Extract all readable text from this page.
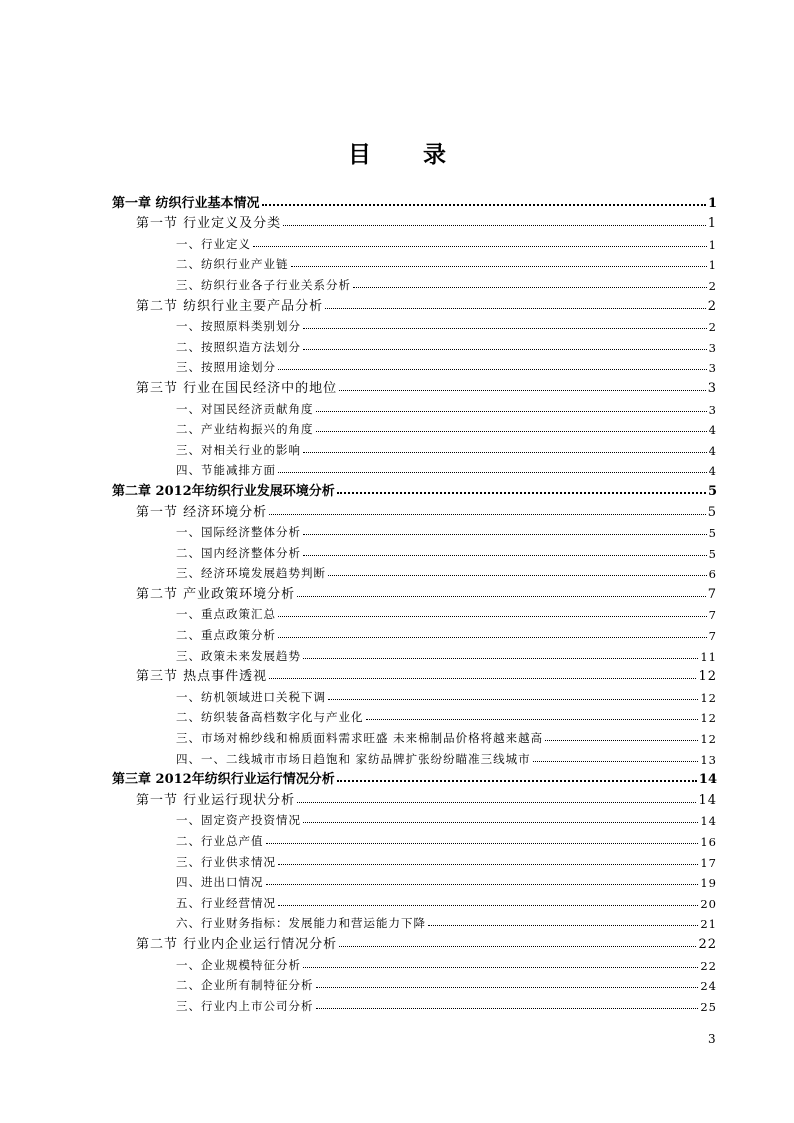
目 录
第一章 纺织行业基本情况	1
第一节 行业定义及分类	1
一、行业定义	1
二、纺织行业产业链	1
三、纺织行业各子行业关系分析	2
第二节 纺织行业主要产品分析	2
一、按照原料类别划分	2
二、按照织造方法划分	3
三、按照用途划分	3
第三节 行业在国民经济中的地位	3
一、对国民经济贡献角度	3
二、产业结构振兴的角度	4
三、对相关行业的影响	4
四、节能减排方面	4
第二章 2012年纺织行业发展环境分析	5
第一节 经济环境分析	5
一、国际经济整体分析	5
二、国内经济整体分析	5
三、经济环境发展趋势判断	6
第二节 产业政策环境分析	7
一、重点政策汇总	7
二、重点政策分析	7
三、政策未来发展趋势	11
第三节 热点事件透视	12
一、纺机领域进口关税下调	12
二、纺织装备高档数字化与产业化	12
三、市场对棉纱线和棉质面料需求旺盛 未来棉制品价格将越来越高	12
四、一、二线城市市场日趋饱和 家纺品牌扩张纷纷瞄准三线城市	13
第三章 2012年纺织行业运行情况分析	14
第一节 行业运行现状分析	14
一、固定资产投资情况	14
二、行业总产值	16
三、行业供求情况	17
四、进出口情况	19
五、行业经营情况	20
六、行业财务指标：发展能力和营运能力下降	21
第二节 行业内企业运行情况分析	22
一、企业规模特征分析	22
二、企业所有制特征分析	24
三、行业内上市公司分析	25
3
